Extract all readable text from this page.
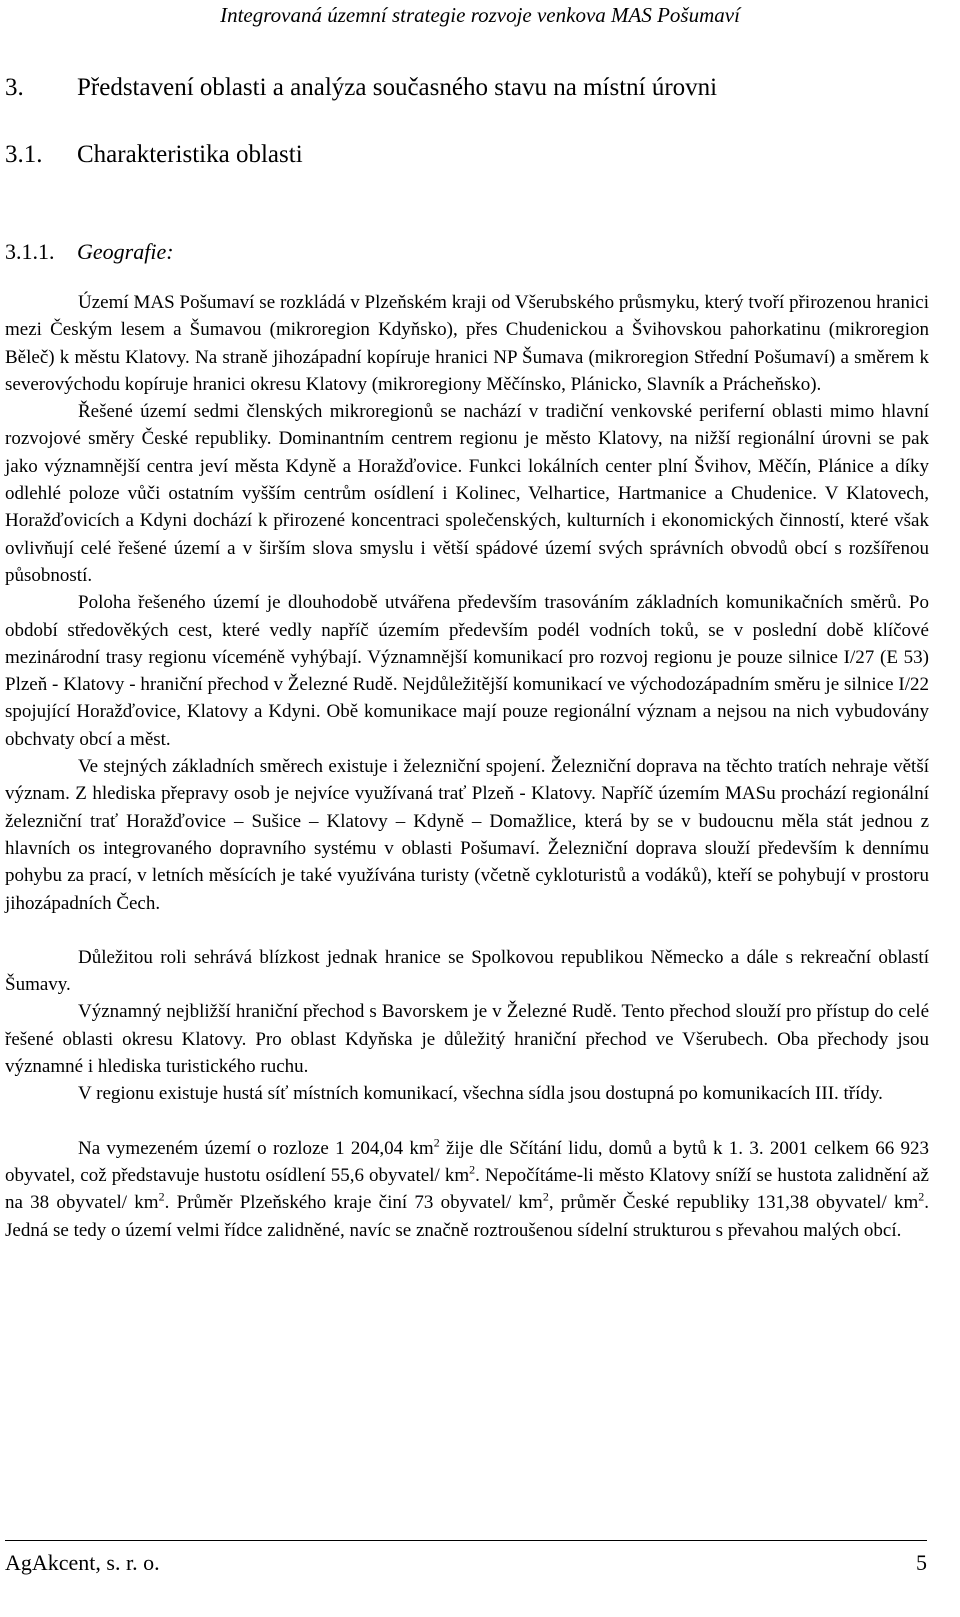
Integrovaná územní strategie rozvoje venkova MAS Pošumaví
3. Představení oblasti a analýza současného stavu na místní úrovni
3.1. Charakteristika oblasti
3.1.1. Geografie:

Území MAS Pošumaví se rozkládá v Plzeňském kraji od Všerubského průsmyku, který tvoří přirozenou hranici mezi Českým lesem a Šumavou (mikroregion Kdyňsko), přes Chudenickou a Švihovskou pahorkatinu (mikroregion Běleč) k městu Klatovy. Na straně jihozápadní kopíruje hranici NP Šumava (mikroregion Střední Pošumaví) a směrem k severovýchodu kopíruje hranici okresu Klatovy (mikroregiony Měčínsko, Plánicko, Slavník a Prácheňsko).

Řešené území sedmi členských mikroregionů se nachází v tradiční venkovské periferní oblasti mimo hlavní rozvojové směry České republiky. Dominantním centrem regionu je město Klatovy, na nižší regionální úrovni se pak jako významnější centra jeví města Kdyně a Horažďovice. Funkci lokálních center plní Švihov, Měčín, Plánice a díky odlehlé poloze vůči ostatním vyšším centrům osídlení i Kolinec, Velhartice, Hartmanice a Chudenice. V Klatovech, Horažďovicích a Kdyni dochází k přirozené koncentraci společenských, kulturních i ekonomických činností, které však ovlivňují celé řešené území a v širším slova smyslu i větší spádové území svých správních obvodů obcí s rozšířenou působností.

Poloha řešeného území je dlouhodobě utvářena především trasováním základních komunikačních směrů. Po období středověkých cest, které vedly napříč územím především podél vodních toků, se v poslední době klíčové mezinárodní trasy regionu víceméně vyhýbají. Významnější komunikací pro rozvoj regionu je pouze silnice I/27 (E 53) Plzeň - Klatovy - hraniční přechod v Železné Rudě. Nejdůležitější komunikací ve východozápadním směru je silnice I/22 spojující Horažďovice, Klatovy a Kdyni. Obě komunikace mají pouze regionální význam a nejsou na nich vybudovány obchvaty obcí a měst.

Ve stejných základních směrech existuje i železniční spojení. Železniční doprava na těchto tratích nehraje větší význam. Z hlediska přepravy osob je nejvíce využívaná trať Plzeň - Klatovy. Napříč územím MASu prochází regionální železniční trať Horažďovice – Sušice – Klatovy – Kdyně – Domažlice, která by se v budoucnu měla stát jednou z hlavních os integrovaného dopravního systému v oblasti Pošumaví. Železniční doprava slouží především k dennímu pohybu za prací, v letních měsících je také využívána turisty (včetně cykloturistů a vodáků), kteří se pohybují v prostoru jihozápadních Čech.

Důležitou roli sehrává blízkost jednak hranice se Spolkovou republikou Německo a dále s rekreační oblastí Šumavy.

Významný nejbližší hraniční přechod s Bavorskem je v Železné Rudě. Tento přechod slouží pro přístup do celé řešené oblasti okresu Klatovy. Pro oblast Kdyňska je důležitý hraniční přechod ve Všerubech. Oba přechody jsou významné i hlediska turistického ruchu.

V regionu existuje hustá síť místních komunikací, všechna sídla jsou dostupná po komunikacích III. třídy.

Na vymezeném území o rozloze 1 204,04 $km^2$ žije dle Sčítání lidu, domů a bytů k 1. 3. 2001 celkem 66 923 obyvatel, což představuje hustotu osídlení 55,6 obyvatel/ $km^2$. Nepočítáme-li město Klatovy sníží se hustota zalidnění až na 38 obyvatel/ $km^2$. Průměr Plzeňského kraje činí 73 obyvatel/ $km^2$, průměr České republiky 131,38 obyvatel/ $km^2$. Jedná se tedy o území velmi řídce zalidněné, navíc se značně roztroušenou sídelní strukturou s převahou malých obcí.

AgAkcent, s. r. o.	5
